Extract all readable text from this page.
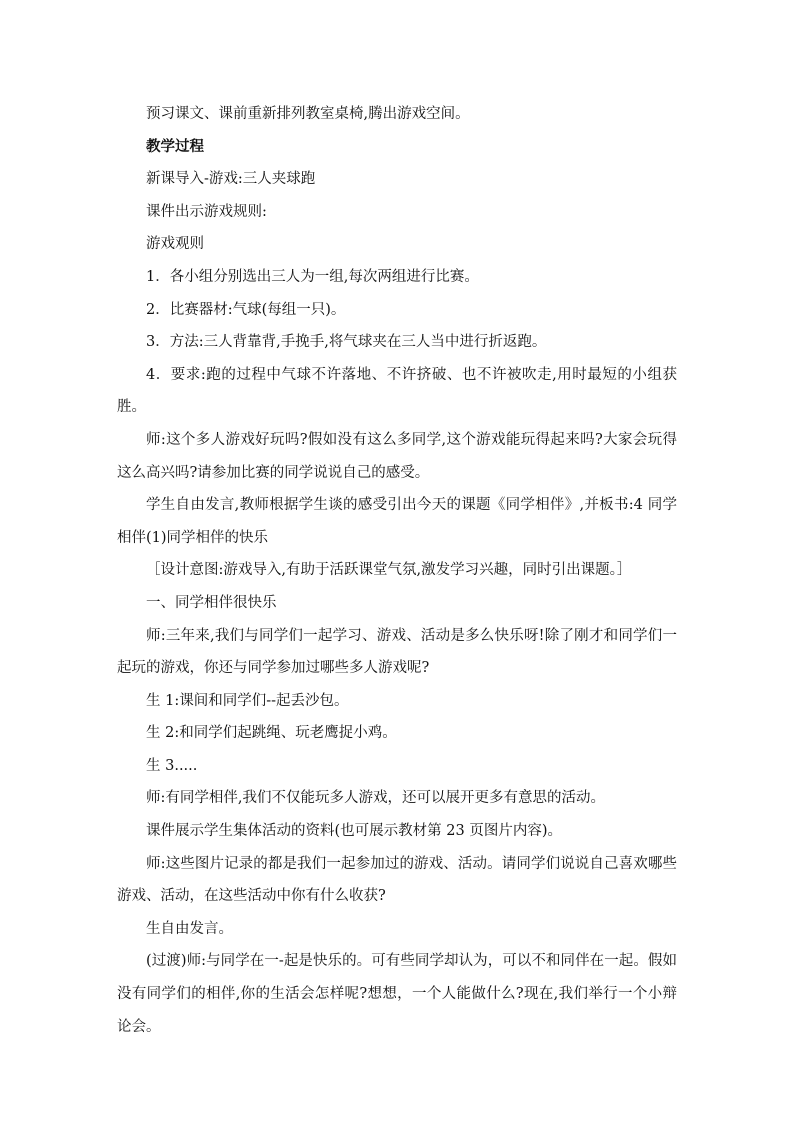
预习课文、课前重新排列教室桌椅,腾出游戏空间。

教学过程

新课导入-游戏:三人夹球跑

课件出示游戏规则:

游戏观则

1．各小组分别选出三人为一组,每次两组进行比赛。

2．比赛器材:气球(每组一只)。

3．方法:三人背靠背,手挽手,将气球夹在三人当中进行折返跑。

4．要求:跑的过程中气球不许落地、不许挤破、也不许被吹走,用时最短的小组获胜。

师:这个多人游戏好玩吗?假如没有这么多同学,这个游戏能玩得起来吗?大家会玩得这么高兴吗?请参加比赛的同学说说自己的感受。

学生自由发言,教师根据学生谈的感受引出今天的课题《同学相伴》,并板书:4 同学相伴(1)同学相伴的快乐

［设计意图:游戏导入,有助于活跃课堂气氛,激发学习兴趣，同时引出课题。］

一、同学相伴很快乐

师:三年来,我们与同学们一起学习、游戏、活动是多么快乐呀!除了刚才和同学们一起玩的游戏，你还与同学参加过哪些多人游戏呢?

生 1:课间和同学们--起丢沙包。

生 2:和同学们起跳绳、玩老鹰捉小鸡。

生 3.....

师:有同学相伴,我们不仅能玩多人游戏，还可以展开更多有意思的活动。

课件展示学生集体活动的资料(也可展示教材第 23 页图片内容)。

师:这些图片记录的都是我们一起参加过的游戏、活动。请同学们说说自己喜欢哪些游戏、活动，在这些活动中你有什么收获?

生自由发言。

(过渡)师:与同学在一-起是快乐的。可有些同学却认为，可以不和同伴在一起。假如没有同学们的相伴,你的生活会怎样呢?想想，一个人能做什么?现在,我们举行一个小辩论会。
